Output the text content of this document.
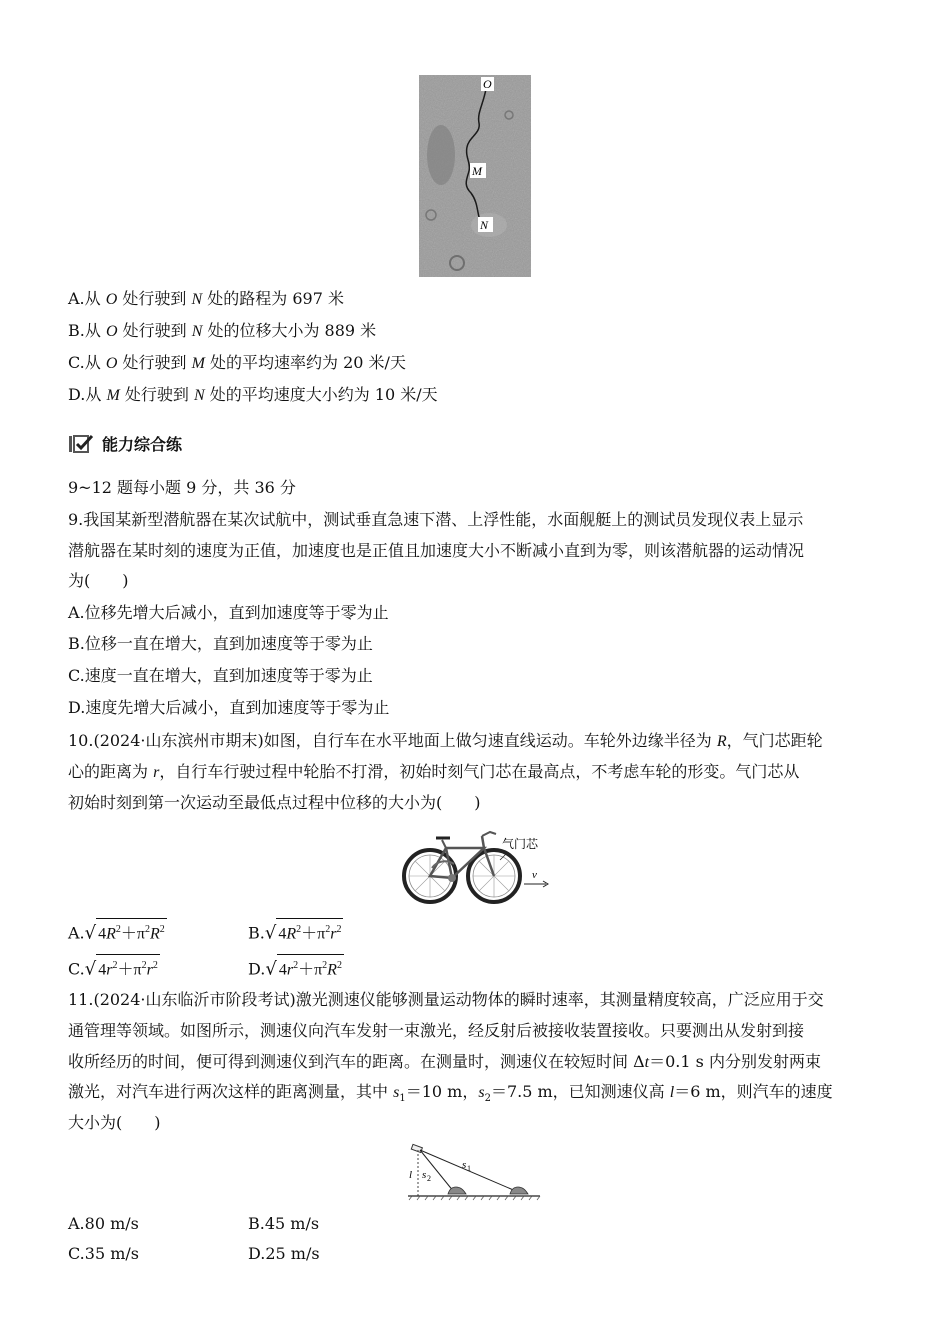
O
M
N
A.从 O 处行驶到 N 处的路程为 697 米
B.从 O 处行驶到 N 处的位移大小为 889 米
C.从 O 处行驶到 M 处的平均速率约为 20 米/天
D.从 M 处行驶到 N 处的平均速度大小约为 10 米/天
能力综合练
9~12 题每小题 9 分，共 36 分
9.我国某新型潜航器在某次试航中，测试垂直急速下潜、上浮性能，水面舰艇上的测试员发现仪表上显示
潜航器在某时刻的速度为正值，加速度也是正值且加速度大小不断减小直到为零，则该潜航器的运动情况
为(　　)
A.位移先增大后减小，直到加速度等于零为止
B.位移一直在增大，直到加速度等于零为止
C.速度一直在增大，直到加速度等于零为止
D.速度先增大后减小，直到加速度等于零为止
10.(2024·山东滨州市期末)如图，自行车在水平地面上做匀速直线运动。车轮外边缘半径为 R，气门芯距轮
心的距离为 r，自行车行驶过程中轮胎不打滑，初始时刻气门芯在最高点，不考虑车轮的形变。气门芯从
初始时刻到第一次运动至最低点过程中位移的大小为(　　)
气门芯
v
A.√ $4R^2+\pi^2R^2$	B.√ $4R^2+\pi^2r^2$
C.√ $4r^2+\pi^2r^2$	D.√ $4r^2+\pi^2R^2$
11.(2024·山东临沂市阶段考试)激光测速仪能够测量运动物体的瞬时速率，其测量精度较高，广泛应用于交
通管理等领域。如图所示，测速仪向汽车发射一束激光，经反射后被接收装置接收。只要测出从发射到接
收所经历的时间，便可得到测速仪到汽车的距离。在测量时，测速仪在较短时间 Δt＝0.1 s 内分别发射两束
激光，对汽车进行两次这样的距离测量，其中 $s_1=10$ m，$s_2=7.5$ m，已知测速仪高 l＝6 m，则汽车的速度
大小为(　　)
l s 2
s 1
A.80 m/s	B.45 m/s
C.35 m/s	D.25 m/s
